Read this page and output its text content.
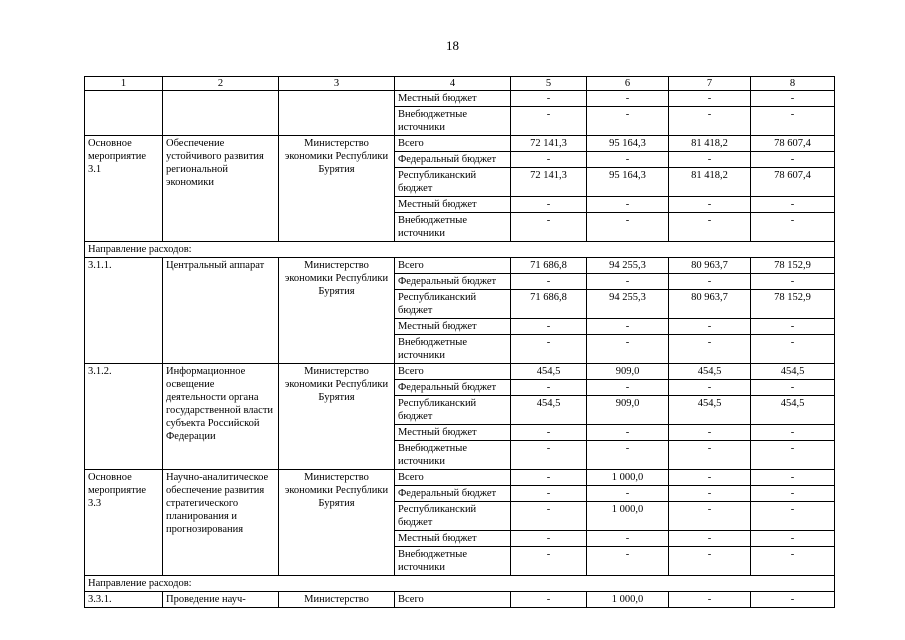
18
1	2	3	4	5	6	7	8
			Местный бюджет	-	-	-	-
			Внебюджетные источники	-	-	-	-
Основное мероприятие 3.1	Обеспечение устойчивого развития региональной экономики	Министерство экономики Республики Бурятия	Всего	72 141,3	95 164,3	81 418,2	78 607,4
			Федеральный бюджет	-	-	-	-
			Республиканский бюджет	72 141,3	95 164,3	81 418,2	78 607,4
			Местный бюджет	-	-	-	-
			Внебюджетные источники	-	-	-	-
Направление расходов:							
3.1.1.	Центральный аппарат	Министерство экономики Республики Бурятия	Всего	71 686,8	94 255,3	80 963,7	78 152,9
			Федеральный бюджет	-	-	-	-
			Республиканский бюджет	71 686,8	94 255,3	80 963,7	78 152,9
			Местный бюджет	-	-	-	-
			Внебюджетные источники	-	-	-	-
3.1.2.	Информационное освещение деятельности органа государственной власти субъекта Российской Федерации	Министерство экономики Республики Бурятия	Всего	454,5	909,0	454,5	454,5
			Федеральный бюджет	-	-	-	-
			Республиканский бюджет	454,5	909,0	454,5	454,5
			Местный бюджет	-	-	-	-
			Внебюджетные источники	-	-	-	-
Основное мероприятие 3.3	Научно-аналитическое обеспечение развития стратегического планирования и прогнозирования	Министерство экономики Республики Бурятия	Всего	-	1 000,0	-	-
			Федеральный бюджет	-	-	-	-
			Республиканский бюджет	-	1 000,0	-	-
			Местный бюджет	-	-	-	-
			Внебюджетные источники	-	-	-	-
Направление расходов:							
3.3.1.	Проведение науч-	Министерство	Всего	-	1 000,0	-	-
